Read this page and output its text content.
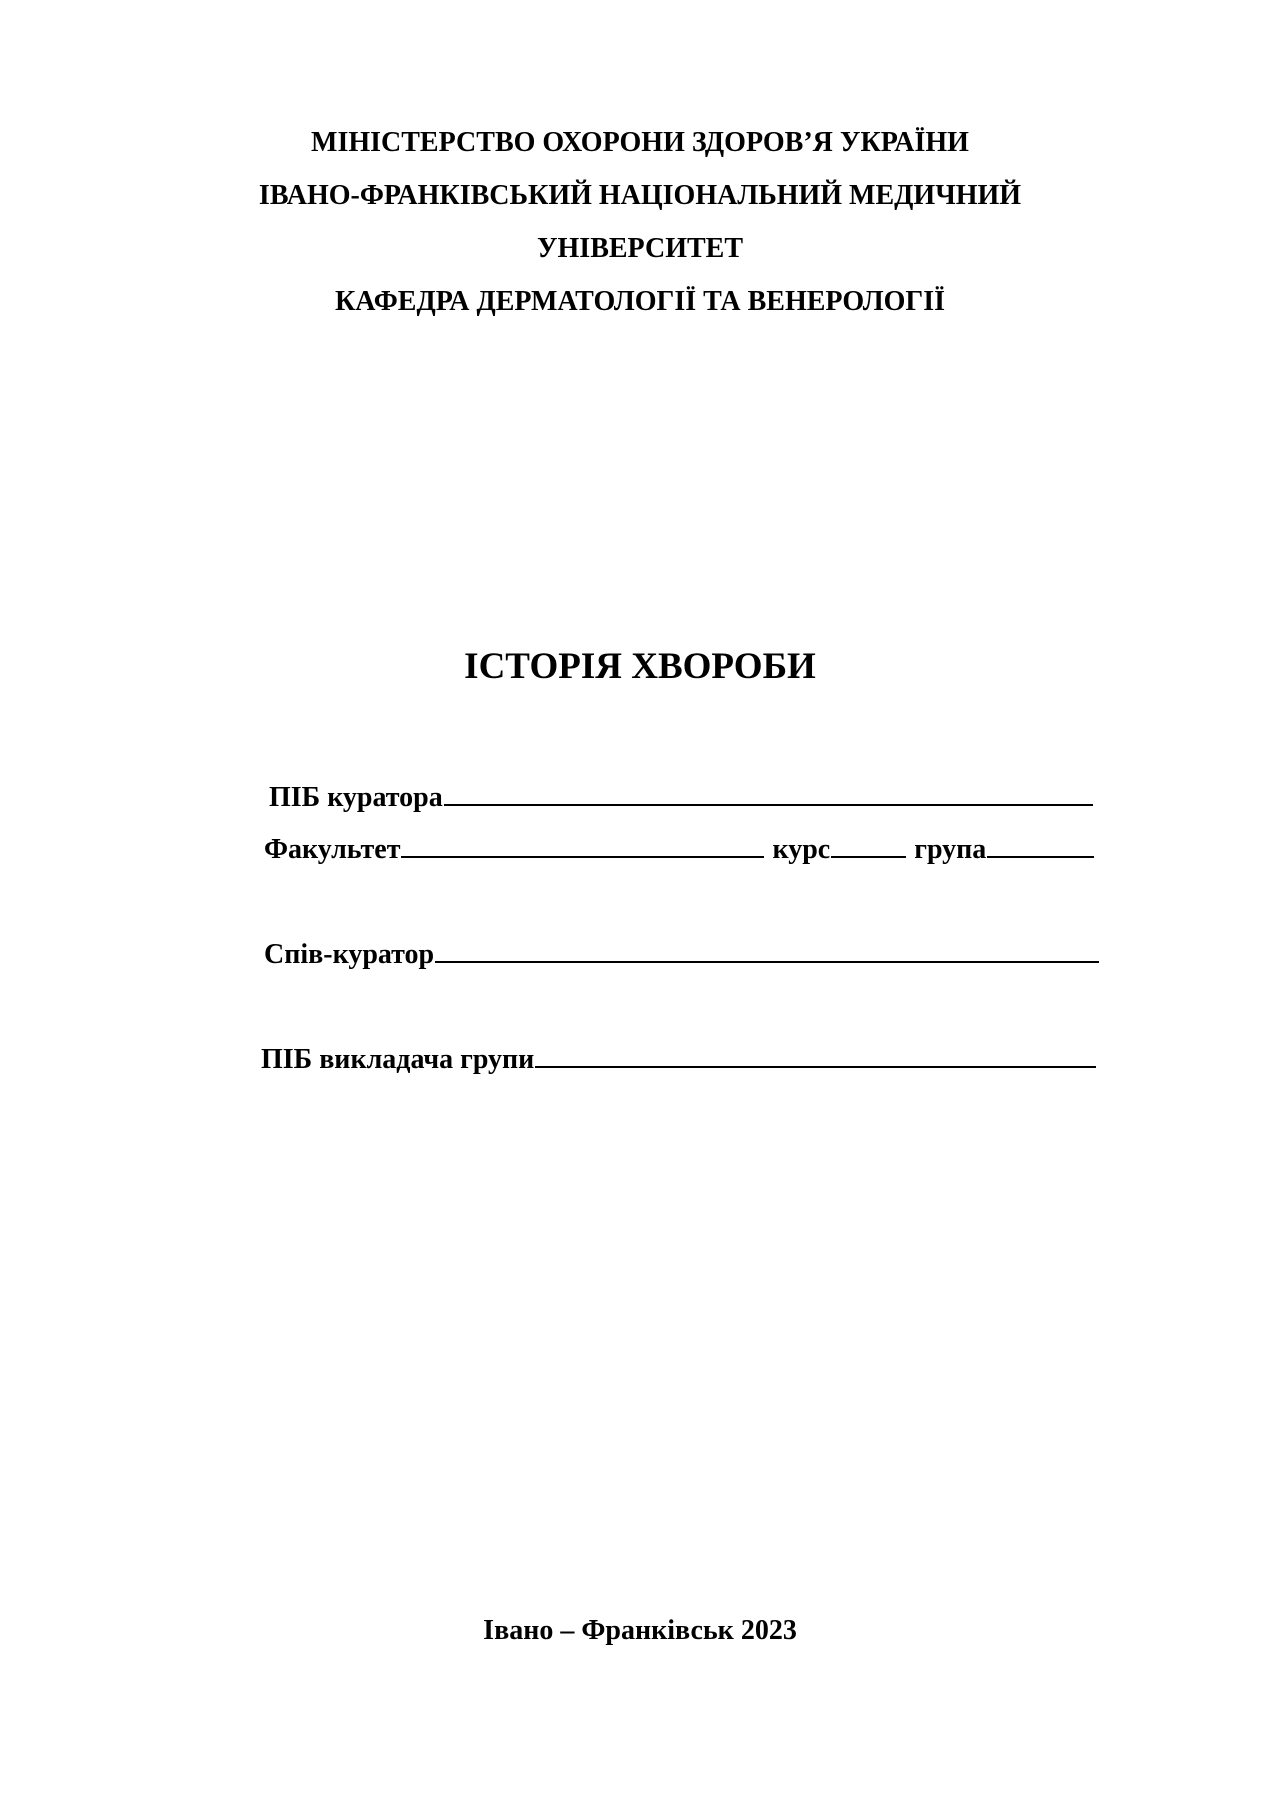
МІНІСТЕРСТВО ОХОРОНИ ЗДОРОВ’Я УКРАЇНИ
ІВАНО-ФРАНКІВСЬКИЙ НАЦІОНАЛЬНИЙ МЕДИЧНИЙ
УНІВЕРСИТЕТ
КАФЕДРА ДЕРМАТОЛОГІЇ ТА ВЕНЕРОЛОГІЇ
ІСТОРІЯ ХВОРОБИ
ПІБ куратора
Факультет	курс	група
Спів-куратор
ПІБ викладача групи
Івано – Франківськ 2023
